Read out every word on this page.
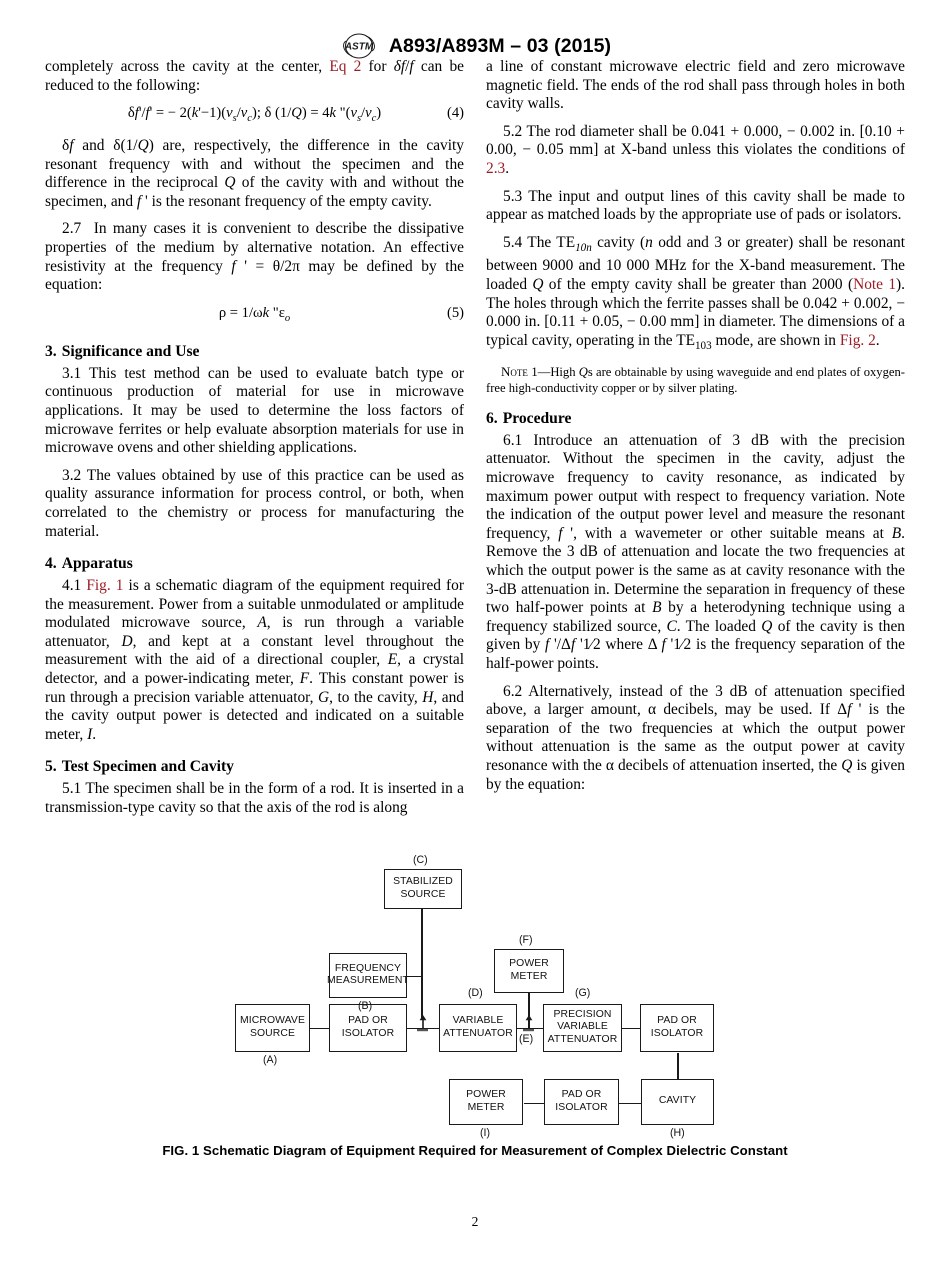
ASTM A893/A893M – 03 (2015)

completely across the cavity at the center, Eq 2 for δf/f can be reduced to the following:

δf'/f' = − $2(k'-1)(v_s/v_c)$; δ (1/Q) = 4k "$(v_s/v_c)$	(4)

δf and δ(1/Q) are, respectively, the difference in the cavity resonant frequency with and without the specimen and the difference in the reciprocal Q of the cavity with and without the specimen, and f ' is the resonant frequency of the empty cavity.

2.7  In many cases it is convenient to describe the dissipative properties of the medium by alternative notation. An effective resistivity at the frequency f ' = θ/2π may be defined by the equation:

ρ = 1/ωk "$\varepsilon_o$	(5)
3. Significance and Use

3.1 This test method can be used to evaluate batch type or continuous production of material for use in microwave applications. It may be used to determine the loss factors of microwave ferrites or help evaluate absorption materials for use in microwave ovens and other shielding applications.

3.2 The values obtained by use of this practice can be used as quality assurance information for process control, or both, when correlated to the chemistry or process for manufacturing the material.

4. Apparatus

4.1 Fig. 1 is a schematic diagram of the equipment required for the measurement. Power from a suitable unmodulated or amplitude modulated microwave source, A, is run through a variable attenuator, D, and kept at a constant level throughout the measurement with the aid of a directional coupler, E, a crystal detector, and a power-indicating meter, F. This constant power is run through a precision variable attenuator, G, to the cavity, H, and the cavity output power is detected and indicated on a suitable meter, I.

5. Test Specimen and Cavity

5.1 The specimen shall be in the form of a rod. It is inserted in a transmission-type cavity so that the axis of the rod is along

a line of constant microwave electric field and zero microwave magnetic field. The ends of the rod shall pass through holes in both cavity walls.

5.2 The rod diameter shall be 0.041 + 0.000, − 0.002 in. [0.10 + 0.00, − 0.05 mm] at X-band unless this violates the conditions of 2.3.

5.3 The input and output lines of this cavity shall be made to appear as matched loads by the appropriate use of pads or isolators.

5.4 The $TE_{10n}$ cavity (n odd and 3 or greater) shall be resonant between 9000 and 10 000 MHz for the X-band measurement. The loaded Q of the empty cavity shall be greater than 2000 (Note 1). The holes through which the ferrite passes shall be 0.042 + 0.002, − 0.000 in. [0.11 + 0.05, − 0.00 mm] in diameter. The dimensions of a typical cavity, operating in the $TE_{103}$ mode, are shown in Fig. 2.

Note 1—High Qs are obtainable by using waveguide and end plates of oxygen-free high-conductivity copper or by silver plating.

6. Procedure

6.1 Introduce an attenuation of 3 dB with the precision attenuator. Without the specimen in the cavity, adjust the microwave frequency to cavity resonance, as indicated by maximum power output with respect to frequency variation. Note the indication of the output power level and measure the resonant frequency, f ', with a wavemeter or other suitable means at B. Remove the 3 dB of attenuation and locate the two frequencies at which the output power is the same as at cavity resonance with the 3-dB attenuation in. Determine the separation in frequency of these two half-power points at B by a heterodyning technique using a frequency stabilized source, C. The loaded Q of the cavity is then given by f '/Δf '1⁄2 where Δ f '1⁄2 is the frequency separation of the half-power points.

6.2 Alternatively, instead of the 3 dB of attenuation specified above, a larger amount, α decibels, may be used. If Δf ' is the separation of the two frequencies at which the output power without attenuation is the same as the output power at cavity resonance with the α decibels of attenuation inserted, the Q is given by the equation:

(C)
STABILIZED
SOURCE
FREQUENCY
MEASUREMENT
(B)
(F)
POWER
METER
MICROWAVE
SOURCE
(A)
PAD OR
ISOLATOR
(D)
VARIABLE
ATTENUATOR (E)
(G)
PRECISION
VARIABLE
ATTENUATOR
PAD OR
ISOLATOR
POWER
METER
(I)
PAD OR
ISOLATOR
CAVITY
(H)
FIG. 1 Schematic Diagram of Equipment Required for Measurement of Complex Dielectric Constant
2
